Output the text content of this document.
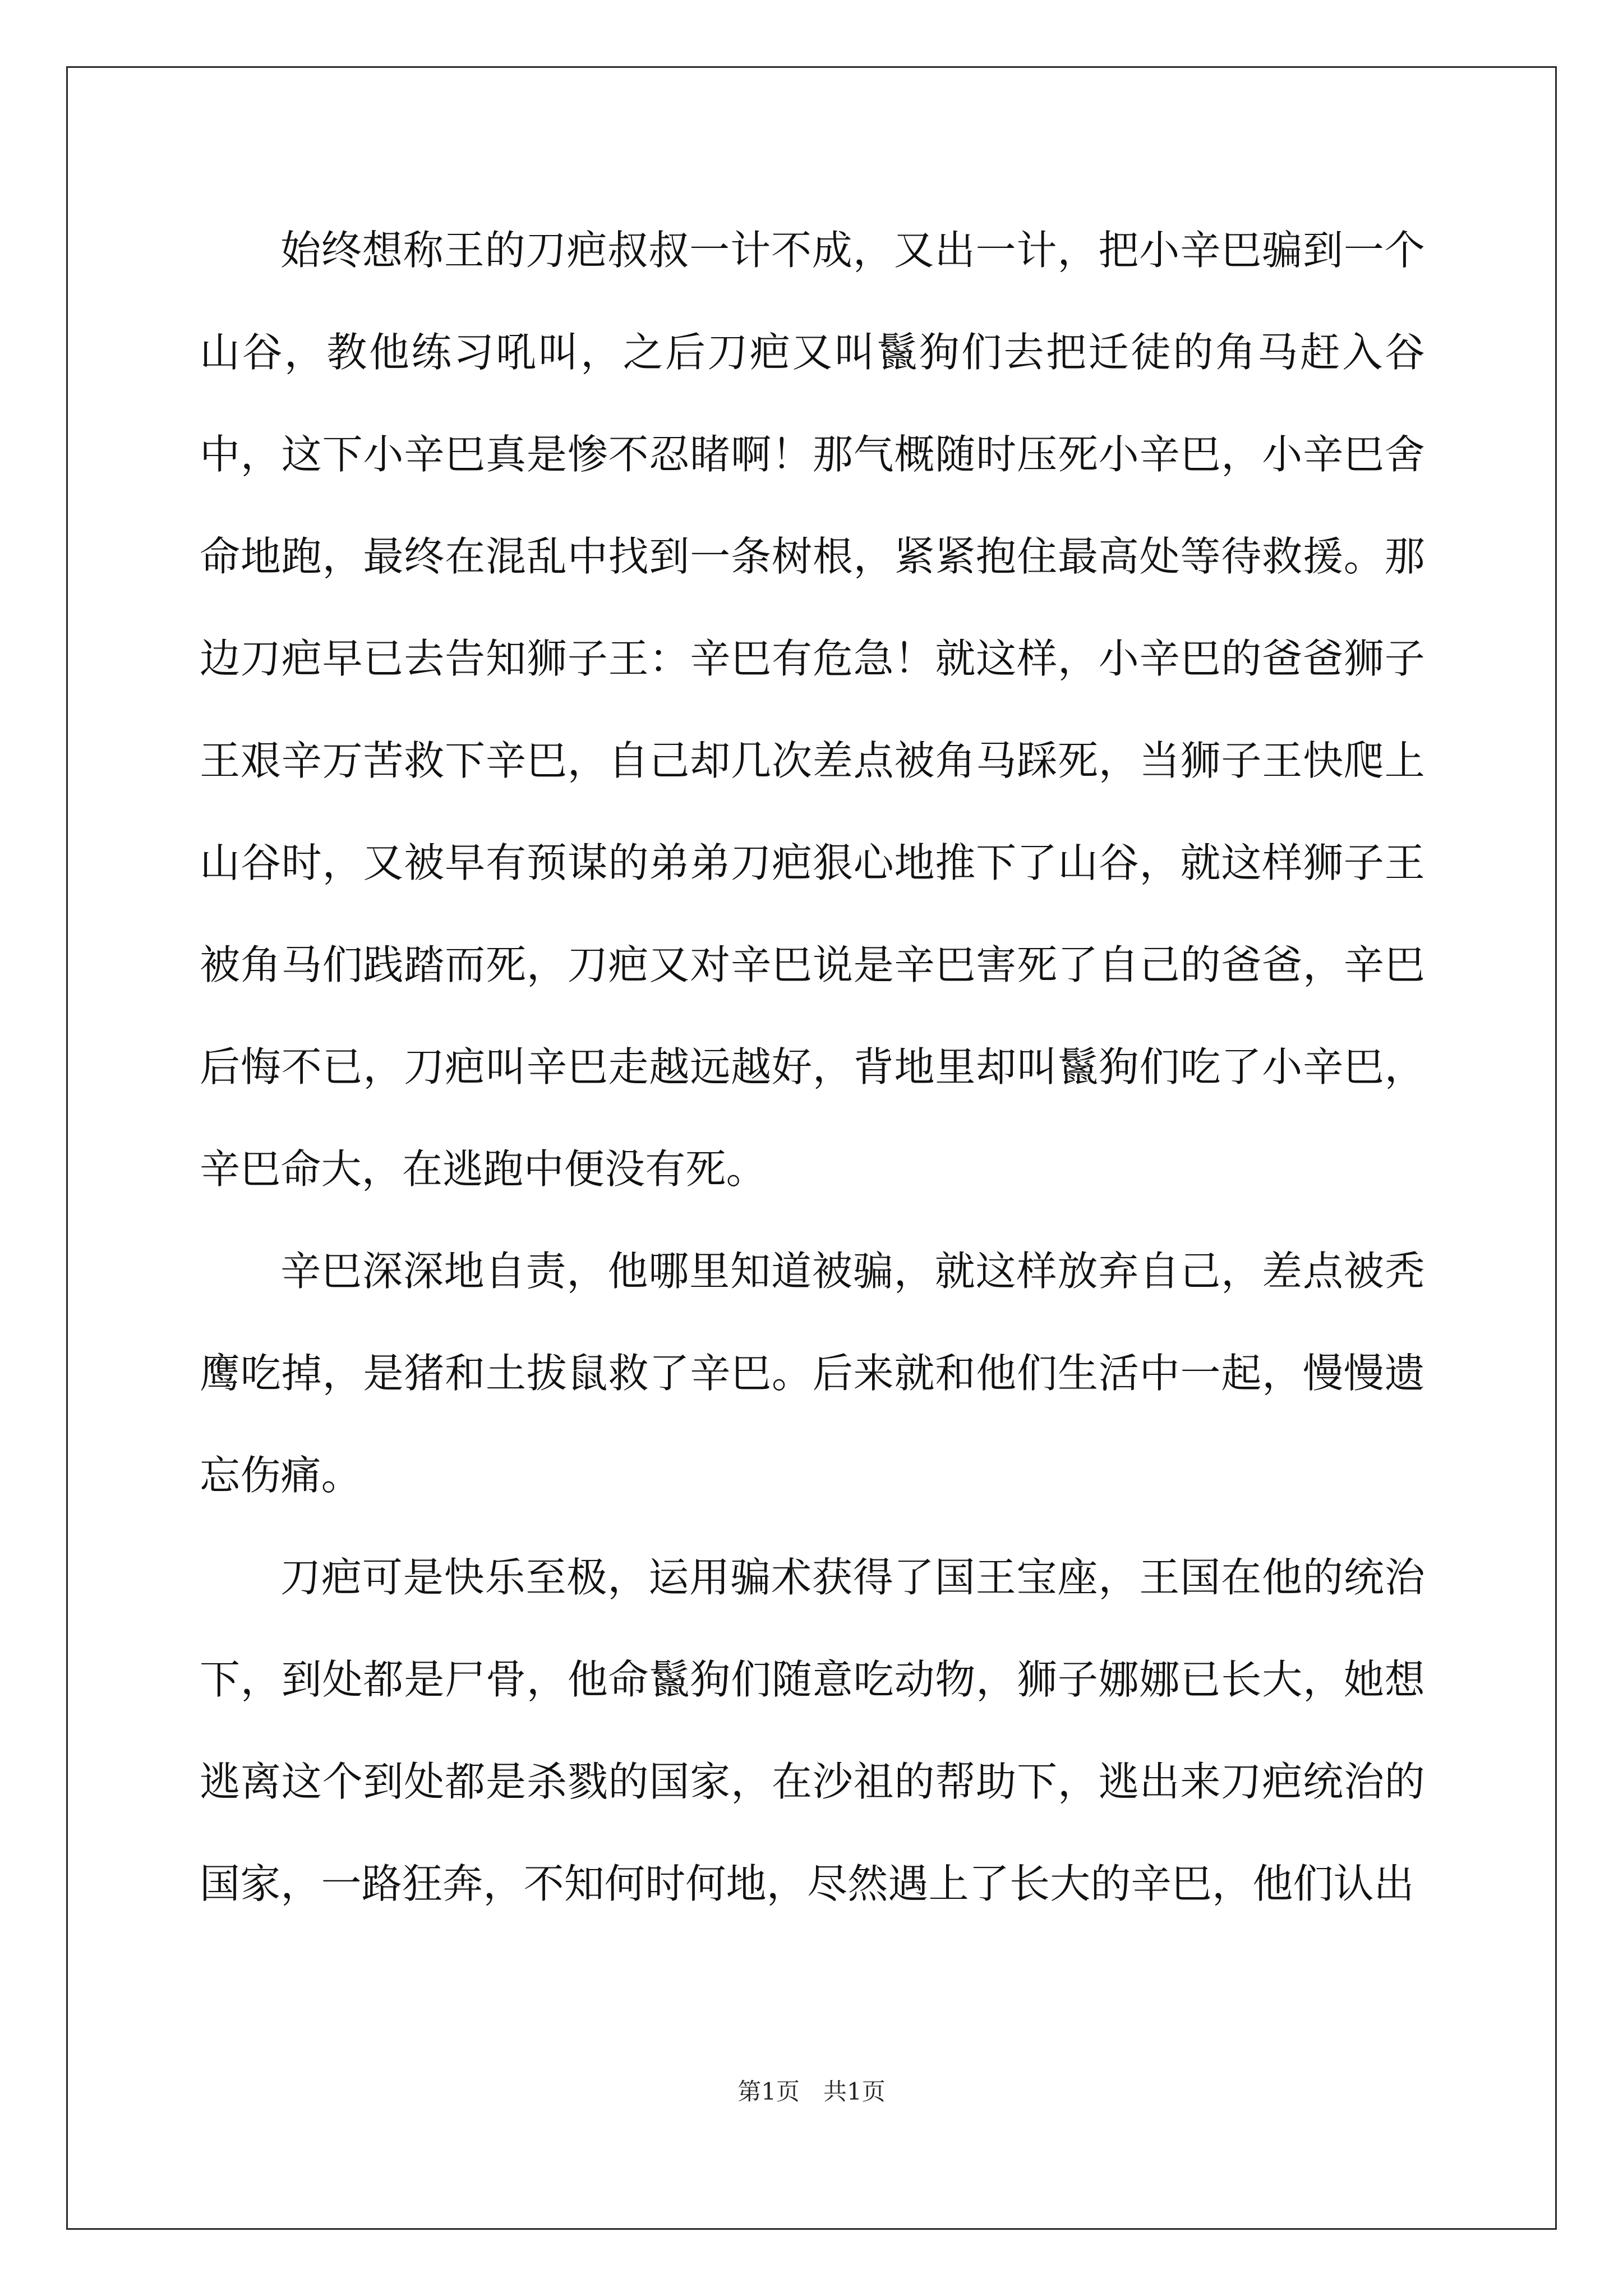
始终想称王的刀疤叔叔一计不成，又出一计，把小辛巴骗到一个山谷，教他练习吼叫，之后刀疤又叫鬣狗们去把迁徒的角马赶入谷中，这下小辛巴真是惨不忍睹啊！那气概随时压死小辛巴，小辛巴舍命地跑，最终在混乱中找到一条树根，紧紧抱住最高处等待救援。那边刀疤早已去告知狮子王：辛巴有危急！就这样，小辛巴的爸爸狮子王艰辛万苦救下辛巴，自己却几次差点被角马踩死，当狮子王快爬上山谷时，又被早有预谋的弟弟刀疤狠心地推下了山谷，就这样狮子王被角马们践踏而死，刀疤又对辛巴说是辛巴害死了自己的爸爸，辛巴后悔不已，刀疤叫辛巴走越远越好，背地里却叫鬣狗们吃了小辛巴，辛巴命大，在逃跑中便没有死。

辛巴深深地自责，他哪里知道被骗，就这样放弃自己，差点被秃鹰吃掉，是猪和土拔鼠救了辛巴。后来就和他们生活中一起，慢慢遗忘伤痛。

刀疤可是快乐至极，运用骗术获得了国王宝座，王国在他的统治下，到处都是尸骨，他命鬣狗们随意吃动物，狮子娜娜已长大，她想逃离这个到处都是杀戮的国家，在沙祖的帮助下，逃出来刀疤统治的国家，一路狂奔，不知何时何地，尽然遇上了长大的辛巴，他们认出

第1页　共1页
